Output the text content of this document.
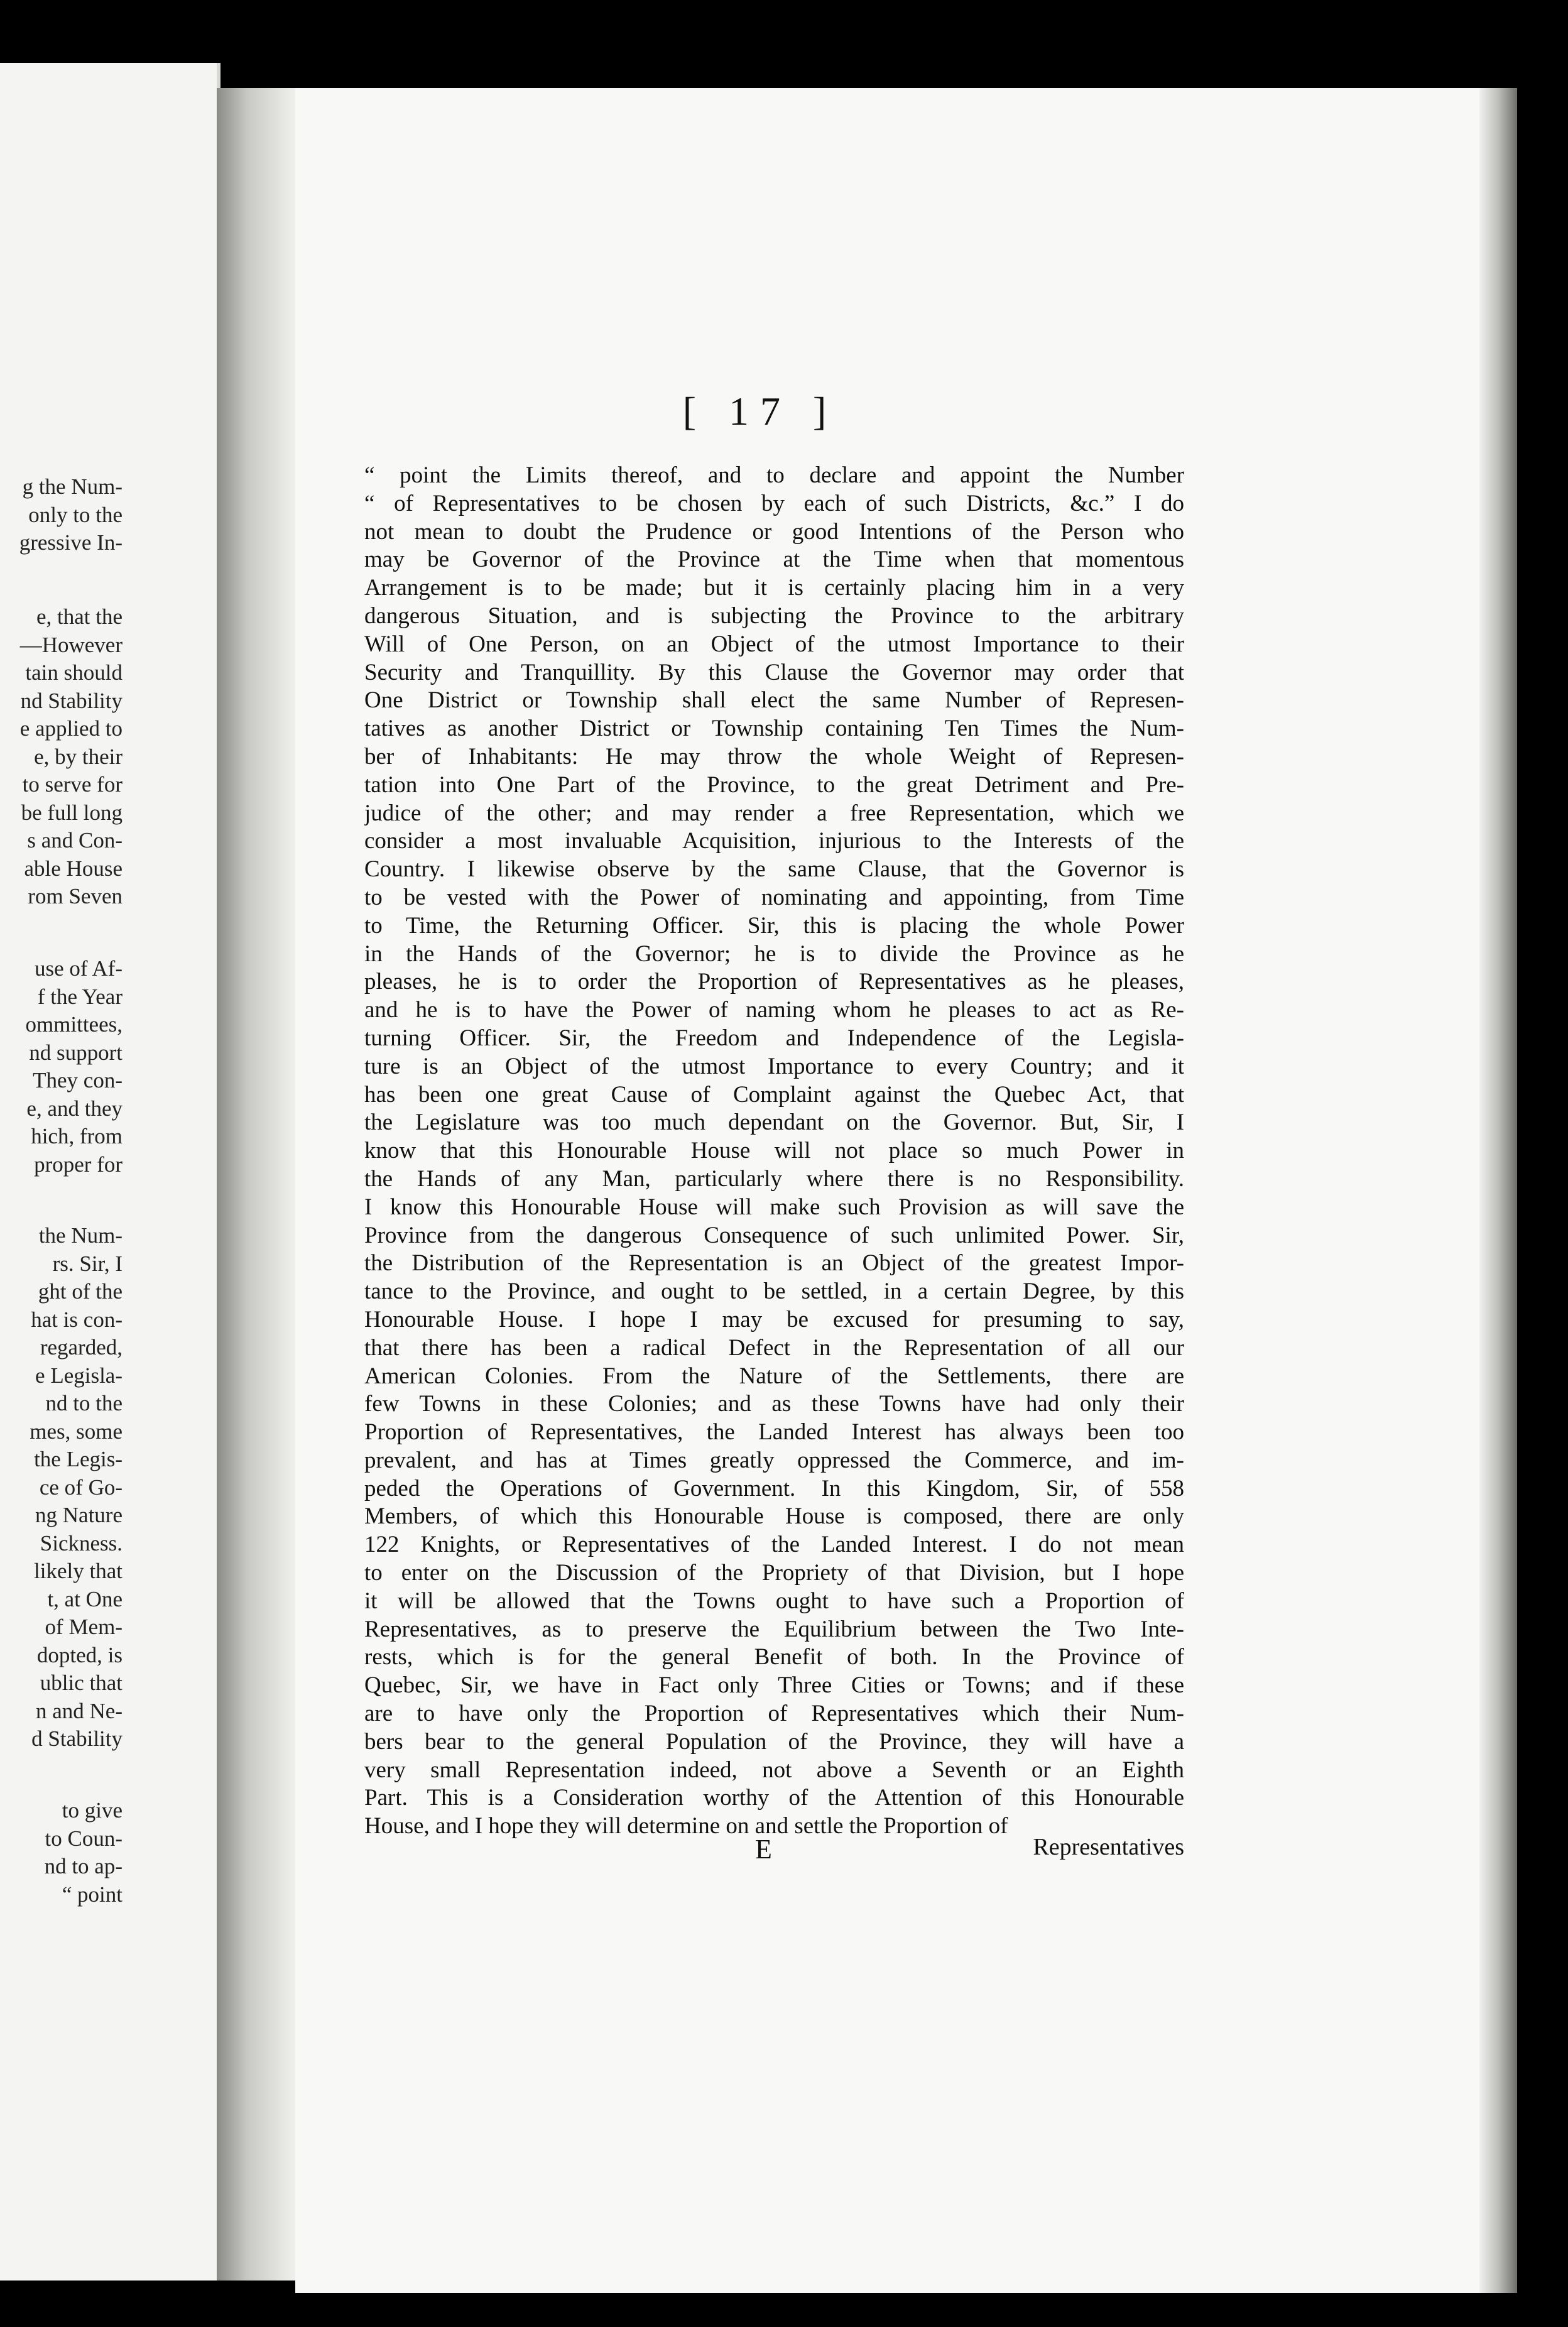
g the Num-
only to the
gressive In-
e, that the
—However
tain should
nd Stability
e applied to
e, by their
to serve for
be full long
s and Con-
able House
rom Seven
use of Af-
f the Year
ommittees,
nd support
They con-
e, and they
hich, from
proper for
the Num-
rs. Sir, I
ght of the
hat is con-
regarded,
e Legisla-
nd to the
mes, some
the Legis-
ce of Go-
ng Nature
Sickness.
likely that
t, at One
of Mem-
dopted, is
ublic that
n and Ne-
d Stability
to give
to Coun-
nd to ap-
“ point
[ 17 ]
“ point the Limits thereof, and to declare and appoint the Number
“ of Representatives to be chosen by each of such Districts, &c.” I do
not mean to doubt the Prudence or good Intentions of the Person who
may be Governor of the Province at the Time when that momentous
Arrangement is to be made; but it is certainly placing him in a very
dangerous Situation, and is subjecting the Province to the arbitrary
Will of One Person, on an Object of the utmost Importance to their
Security and Tranquillity. By this Clause the Governor may order that
One District or Township shall elect the same Number of Represen-
tatives as another District or Township containing Ten Times the Num-
ber of Inhabitants: He may throw the whole Weight of Represen-
tation into One Part of the Province, to the great Detriment and Pre-
judice of the other; and may render a free Representation, which we
consider a most invaluable Acquisition, injurious to the Interests of the
Country. I likewise observe by the same Clause, that the Governor is
to be vested with the Power of nominating and appointing, from Time
to Time, the Returning Officer. Sir, this is placing the whole Power
in the Hands of the Governor; he is to divide the Province as he
pleases, he is to order the Proportion of Representatives as he pleases,
and he is to have the Power of naming whom he pleases to act as Re-
turning Officer. Sir, the Freedom and Independence of the Legisla-
ture is an Object of the utmost Importance to every Country; and it
has been one great Cause of Complaint against the Quebec Act, that
the Legislature was too much dependant on the Governor. But, Sir, I
know that this Honourable House will not place so much Power in
the Hands of any Man, particularly where there is no Responsibility.
I know this Honourable House will make such Provision as will save the
Province from the dangerous Consequence of such unlimited Power. Sir,
the Distribution of the Representation is an Object of the greatest Impor-
tance to the Province, and ought to be settled, in a certain Degree, by this
Honourable House. I hope I may be excused for presuming to say,
that there has been a radical Defect in the Representation of all our
American Colonies. From the Nature of the Settlements, there are
few Towns in these Colonies; and as these Towns have had only their
Proportion of Representatives, the Landed Interest has always been too
prevalent, and has at Times greatly oppressed the Commerce, and im-
peded the Operations of Government. In this Kingdom, Sir, of 558
Members, of which this Honourable House is composed, there are only
122 Knights, or Representatives of the Landed Interest. I do not mean
to enter on the Discussion of the Propriety of that Division, but I hope
it will be allowed that the Towns ought to have such a Proportion of
Representatives, as to preserve the Equilibrium between the Two Inte-
rests, which is for the general Benefit of both. In the Province of
Quebec, Sir, we have in Fact only Three Cities or Towns; and if these
are to have only the Proportion of Representatives which their Num-
bers bear to the general Population of the Province, they will have a
very small Representation indeed, not above a Seventh or an Eighth
Part. This is a Consideration worthy of the Attention of this Honourable
House, and I hope they will determine on and settle the Proportion of
E	Representatives
